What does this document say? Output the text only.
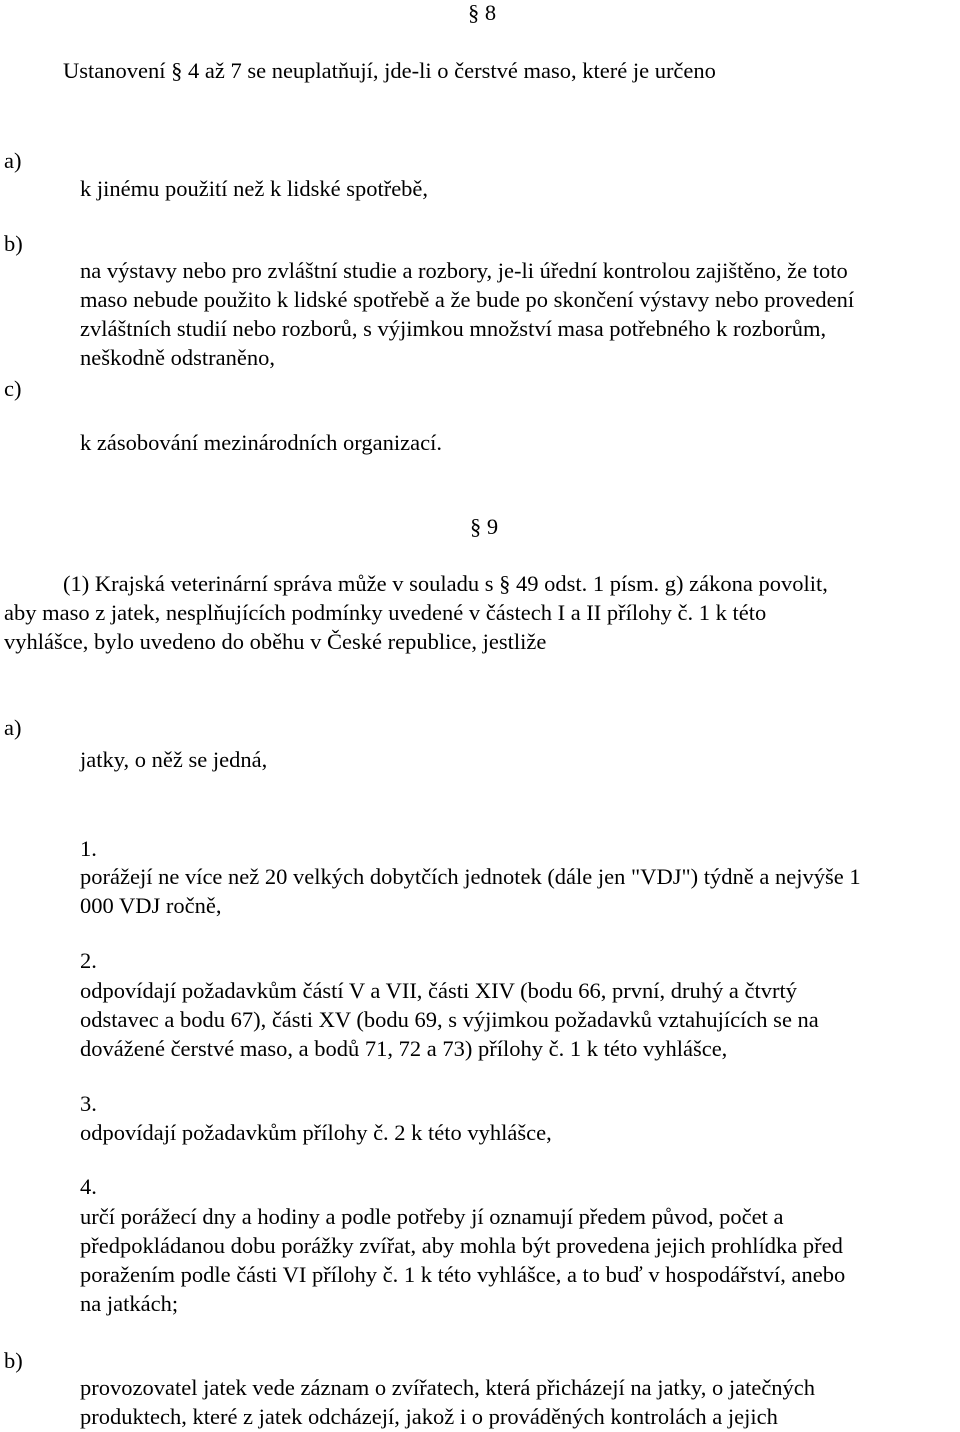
§ 8
Ustanovení § 4 až 7 se neuplatňují, jde-li o čerstvé maso, které je určeno
a)
k jinému použití než k lidské spotřebě,
b)
na výstavy nebo pro zvláštní studie a rozbory, je-li úřední kontrolou zajištěno, že toto
maso nebude použito k lidské spotřebě a že bude po skončení výstavy nebo provedení
zvláštních studií nebo rozborů, s výjimkou množství masa potřebného k rozborům,
neškodně odstraněno,
c)
k zásobování mezinárodních organizací.
§ 9
(1) Krajská veterinární správa může v souladu s § 49 odst. 1 písm. g) zákona povolit,
aby maso z jatek, nesplňujících podmínky uvedené v částech I a II přílohy č. 1 k této
vyhlášce, bylo uvedeno do oběhu v České republice, jestliže
a)
jatky, o něž se jedná,
1.
porážejí ne více než 20 velkých dobytčích jednotek (dále jen "VDJ") týdně a nejvýše 1
000 VDJ ročně,
2.
odpovídají požadavkům částí V a VII, části XIV (bodu 66, první, druhý a čtvrtý
odstavec a bodu 67), části XV (bodu 69, s výjimkou požadavků vztahujících se na
dovážené čerstvé maso, a bodů 71, 72 a 73) přílohy č. 1 k této vyhlášce,
3.
odpovídají požadavkům přílohy č. 2 k této vyhlášce,
4.
určí porážecí dny a hodiny a podle potřeby jí oznamují předem původ, počet a
předpokládanou dobu porážky zvířat, aby mohla být provedena jejich prohlídka před
poražením podle části VI přílohy č. 1 k této vyhlášce, a to buď v hospodářství, anebo
na jatkách;
b)
provozovatel jatek vede záznam o zvířatech, která přicházejí na jatky, o jatečných
produktech, které z jatek odcházejí, jakož i o prováděných kontrolách a jejich
